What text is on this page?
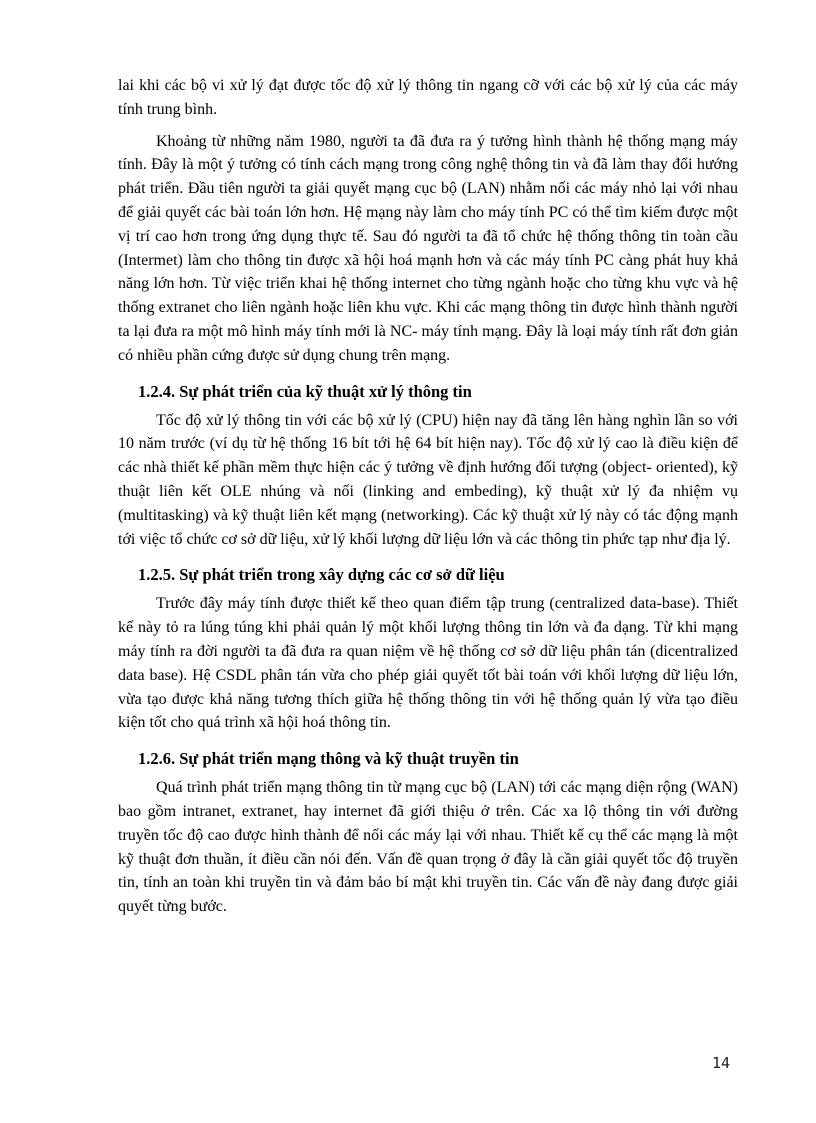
lai khi các bộ vi xử lý đạt được tốc độ xử lý thông tin ngang cỡ với các bộ xử lý của các máy tính trung bình.

Khoảng từ những năm 1980, người ta đã đưa ra ý tưởng hình thành hệ thống mạng máy tính. Đây là một ý tưởng có tính cách mạng trong công nghệ thông tin và đã làm thay đổi hướng phát triển. Đầu tiên người ta giải quyết mạng cục bộ (LAN) nhằm nối các máy nhỏ lại với nhau để giải quyết các bài toán lớn hơn. Hệ mạng này làm cho máy tính PC có thể tìm kiếm được một vị trí cao hơn trong ứng dụng thực tế. Sau đó người ta đã tổ chức hệ thống thông tin toàn cầu (Intermet) làm cho thông tin được xã hội hoá mạnh hơn và các máy tính PC càng phát huy khả năng lớn hơn. Từ việc triển khai hệ thống internet cho từng ngành hoặc cho từng khu vực và hệ thống extranet cho liên ngành hoặc liên khu vực. Khi các mạng thông tin được hình thành người ta lại đưa ra một mô hình máy tính mới là NC- máy tính mạng. Đây là loại máy tính rất đơn giản có nhiều phần cứng được sử dụng chung trên mạng.

1.2.4. Sự phát triển của kỹ thuật xử lý thông tin

Tốc độ xử lý thông tin với các bộ xử lý (CPU) hiện nay đã tăng lên hàng nghìn lần so với 10 năm trước (ví dụ từ hệ thống 16 bít tới hệ 64 bít hiện nay). Tốc độ xử lý cao là điều kiện để các nhà thiết kế phần mềm thực hiện các ý tưởng về định hướng đối tượng (object- oriented), kỹ thuật liên kết OLE nhúng và nối (linking and embeding), kỹ thuật xử lý đa nhiệm vụ (multitasking) và kỹ thuật liên kết mạng (networking). Các kỹ thuật xử lý này có tác động mạnh tới việc tổ chức cơ sở dữ liệu, xử lý khối lượng dữ liệu lớn và các thông tin phức tạp như địa lý.

1.2.5. Sự phát triển trong xây dựng các cơ sở dữ liệu

Trước đây máy tính được thiết kế theo quan điểm tập trung (centralized data-base). Thiết kế này tỏ ra lúng túng khi phải quản lý một khối lượng thông tin lớn và đa dạng. Từ khi mạng máy tính ra đời người ta đã đưa ra quan niệm về hệ thống cơ sở dữ liệu phân tán (dicentralized data base). Hệ CSDL phân tán vừa cho phép giải quyết tốt bài toán với khối lượng dữ liệu lớn, vừa tạo được khả năng tương thích giữa hệ thống thông tin với hệ thống quản lý vừa tạo điều kiện tốt cho quá trình xã hội hoá thông tin.

1.2.6. Sự phát triển mạng thông và kỹ thuật truyền tin

Quá trình phát triển mạng thông tin từ mạng cục bộ (LAN) tới các mạng diện rộng (WAN) bao gồm intranet, extranet, hay internet đã giới thiệu ở trên. Các xa lộ thông tin với đường truyền tốc độ cao được hình thành để nối các máy lại với nhau. Thiết kế cụ thể các mạng là một kỹ thuật đơn thuần, ít điều cần nói đến. Vấn đề quan trọng ở đây là cần giải quyết tốc độ truyền tin, tính an toàn khi truyền tin và đảm bảo bí mật khi truyền tin. Các vấn đề này đang được giải quyết từng bước.

14
